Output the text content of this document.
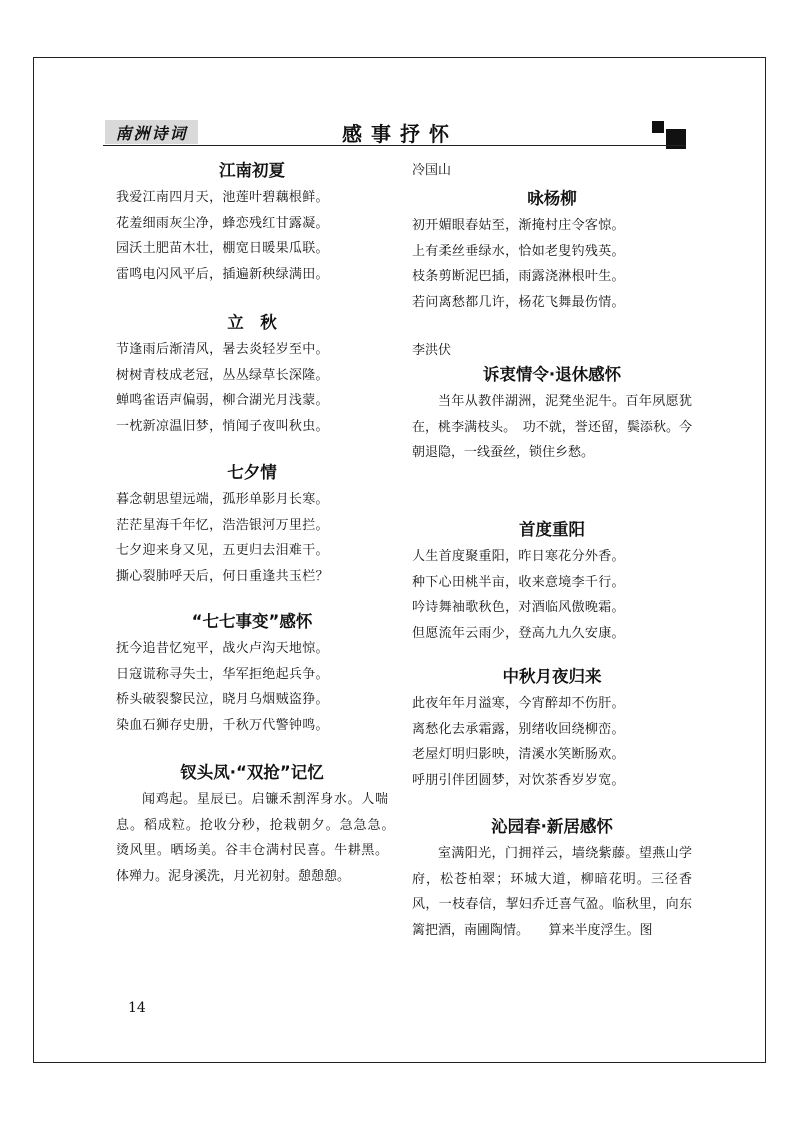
南洲诗词	感事抒怀
江南初夏
我爱江南四月天，池莲叶碧藕根鲜。
花羞细雨灰尘净，蜂恋残红甘露凝。
园沃土肥苗木壮，棚宽日暖果瓜联。
雷鸣电闪风平后，插遍新秧绿满田。
立　秋
节逢雨后渐清风，暑去炎轻岁至中。
树树青枝成老冠，丛丛绿草长深隆。
蝉鸣雀语声偏弱，柳合湖光月浅蒙。
一枕新凉温旧梦，悄闻子夜叫秋虫。
七夕情
暮念朝思望远端，孤形单影月长寒。
茫茫星海千年忆，浩浩银河万里拦。
七夕迎来身又见，五更归去泪难干。
撕心裂肺呼天后，何日重逢共玉栏？
“七七事变”感怀
抚今追昔忆宛平，战火卢沟天地惊。
日寇谎称寻失士，华军拒绝起兵争。
桥头破裂黎民泣，晓月乌烟贼盗狰。
染血石狮存史册，千秋万代警钟鸣。
钗头凤·“双抢”记忆
闻鸡起。星辰已。启镰禾割浑身水。人喘息。稻成粒。抢收分秒，抢栽朝夕。急急急。　　烫风里。晒场美。谷丰仓满村民喜。牛耕黑。体殚力。泥身溪洗，月光初射。憩憩憩。
冷国山
咏杨柳
初开媚眼春姑至，渐掩村庄令客惊。
上有柔丝垂绿水，恰如老叟钓残英。
枝条剪断泥巴插，雨露浇淋根叶生。
若问离愁都几许，杨花飞舞最伤情。
李洪伏
诉衷情令·退休感怀
当年从教伴湖洲，泥凳坐泥牛。百年夙愿犹在，桃李满枝头。　功不就，誉还留，鬓添秋。今朝退隐，一线蚕丝，锁住乡愁。
首度重阳
人生首度聚重阳，昨日寒花分外香。
种下心田桃半亩，收来意境李千行。
吟诗舞袖歌秋色，对酒临风傲晚霜。
但愿流年云雨少，登高九九久安康。
中秋月夜归来
此夜年年月溢寒，今宵醉却不伤肝。
离愁化去承霜露，别绪收回绕柳峦。
老屋灯明归影映，清溪水笑断肠欢。
呼朋引伴团圆梦，对饮茶香岁岁宽。
沁园春·新居感怀
室满阳光，门拥祥云，墙绕紫藤。望燕山学府，松苍柏翠；环城大道，柳暗花明。三径香风，一枝春信，挈妇乔迁喜气盈。临秋里，向东篱把酒，南圃陶情。　　算来半度浮生。图
14
